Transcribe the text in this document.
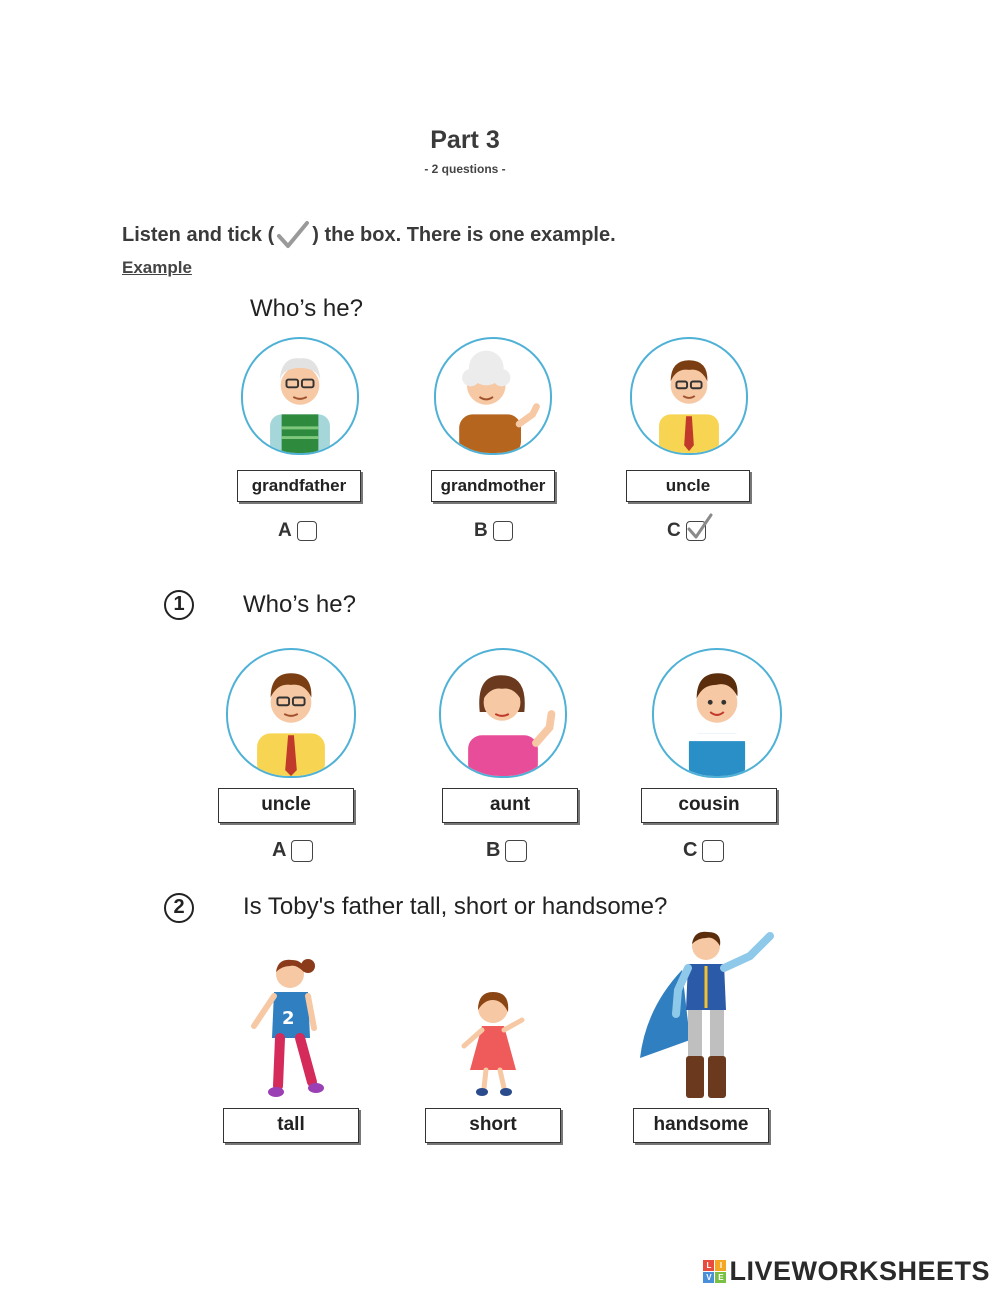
Part 3
- 2 questions -
Listen and tick ( ) the box. There is one example.
Example
Who’s he?
grandfather	grandmother	uncle
A	B	C
1	Who’s he?
uncle	aunt	cousin
A	B	C
2	Is Toby's father tall, short or handsome?
2
tall	short	handsome
L	I
V E LIVEWORKSHEETS
